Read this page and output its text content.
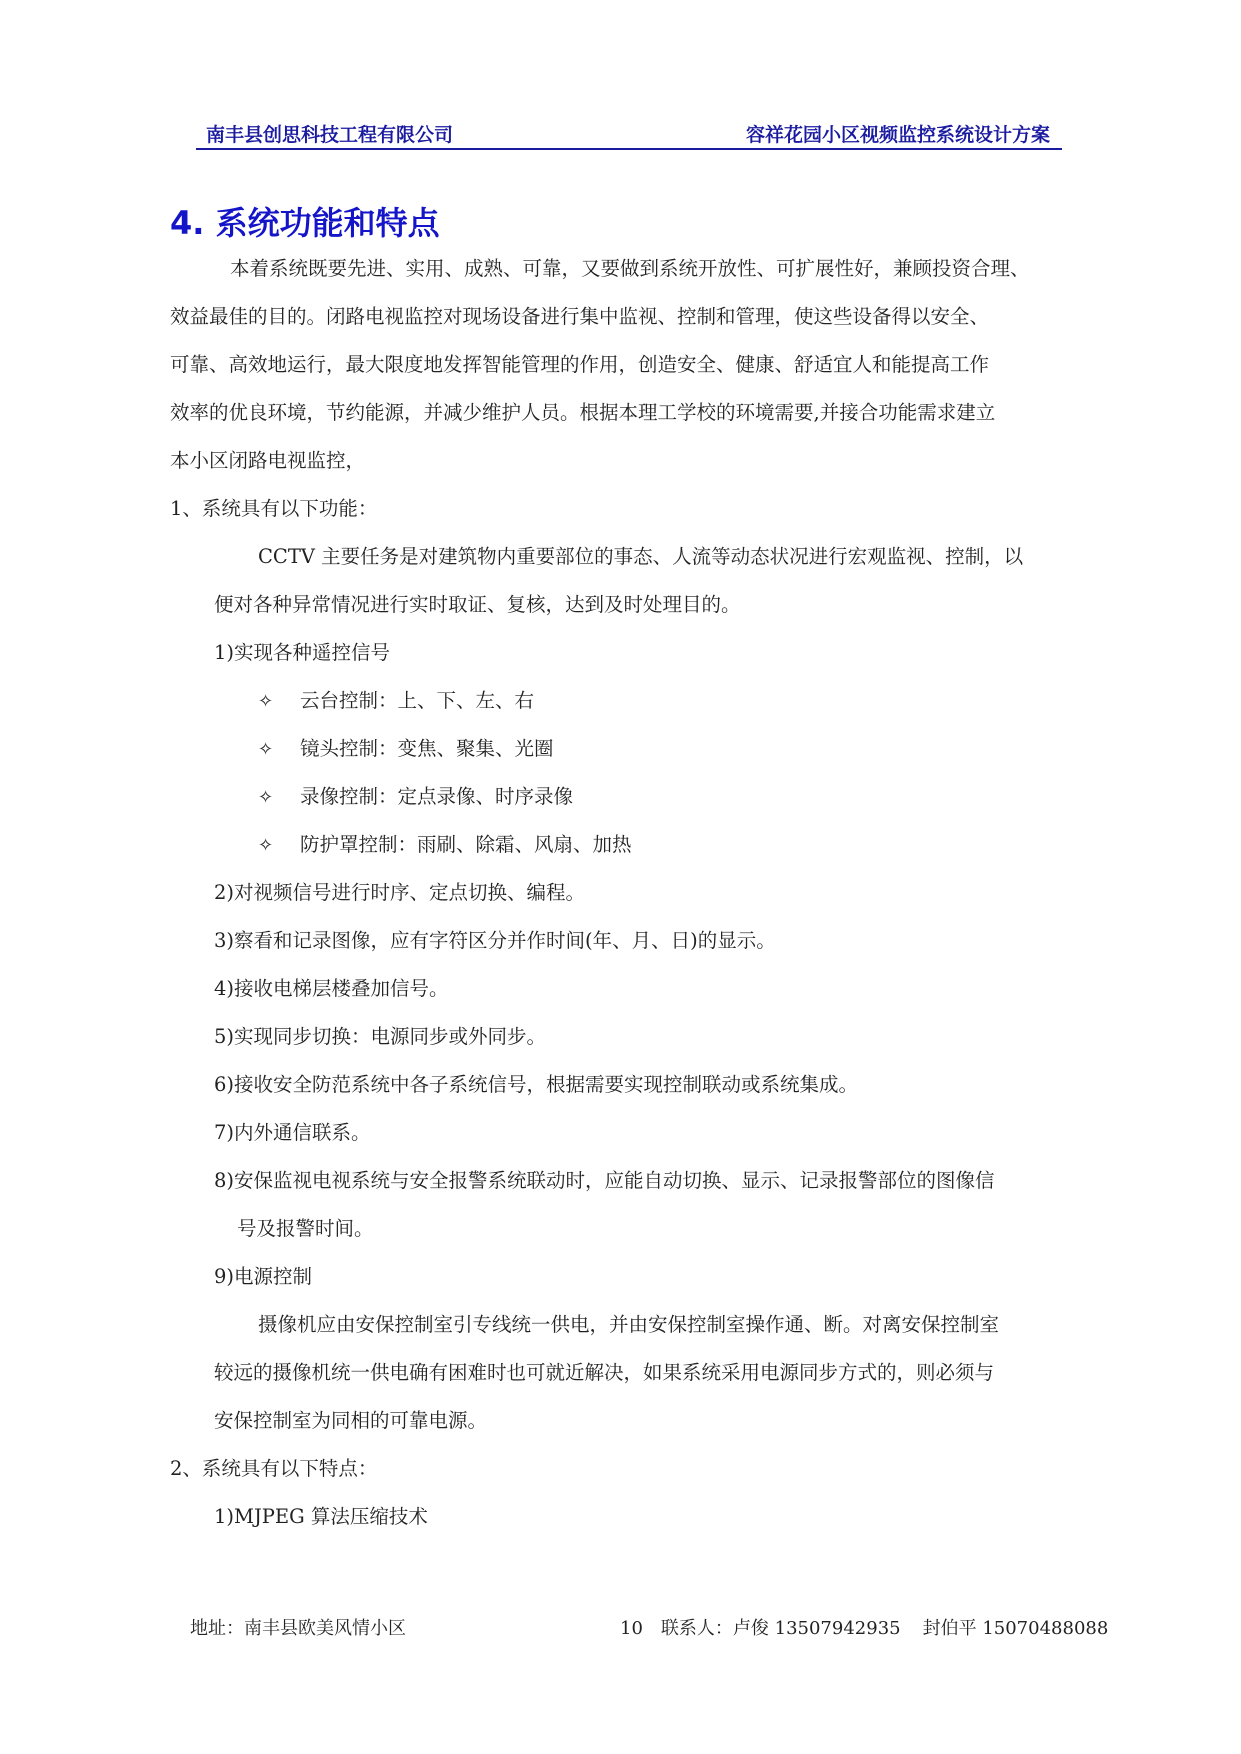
南丰县创思科技工程有限公司	容祥花园小区视频监控系统设计方案
4. 系统功能和特点
本着系统既要先进、实用、成熟、可靠，又要做到系统开放性、可扩展性好，兼顾投资合理、
效益最佳的目的。闭路电视监控对现场设备进行集中监视、控制和管理，使这些设备得以安全、
可靠、高效地运行，最大限度地发挥智能管理的作用，创造安全、健康、舒适宜人和能提高工作
效率的优良环境，节约能源，并减少维护人员。根据本理工学校的环境需要,并接合功能需求建立
本小区闭路电视监控，
1、系统具有以下功能：
CCTV 主要任务是对建筑物内重要部位的事态、人流等动态状况进行宏观监视、控制，以
便对各种异常情况进行实时取证、复核，达到及时处理目的。
1)实现各种遥控信号
✧ 云台控制：上、下、左、右
✧ 镜头控制：变焦、聚集、光圈
✧ 录像控制：定点录像、时序录像
✧ 防护罩控制：雨刷、除霜、风扇、加热
2)对视频信号进行时序、定点切换、编程。
3)察看和记录图像，应有字符区分并作时间(年、月、日)的显示。
4)接收电梯层楼叠加信号。
5)实现同步切换：电源同步或外同步。
6)接收安全防范系统中各子系统信号，根据需要实现控制联动或系统集成。
7)内外通信联系。
8)安保监视电视系统与安全报警系统联动时，应能自动切换、显示、记录报警部位的图像信
号及报警时间。
9)电源控制
摄像机应由安保控制室引专线统一供电，并由安保控制室操作通、断。对离安保控制室
较远的摄像机统一供电确有困难时也可就近解决，如果系统采用电源同步方式的，则必须与
安保控制室为同相的可靠电源。
2、系统具有以下特点：
1)MJPEG 算法压缩技术
地址：南丰县欧美风情小区	10 联系人：卢俊 13507942935 封伯平 15070488088
